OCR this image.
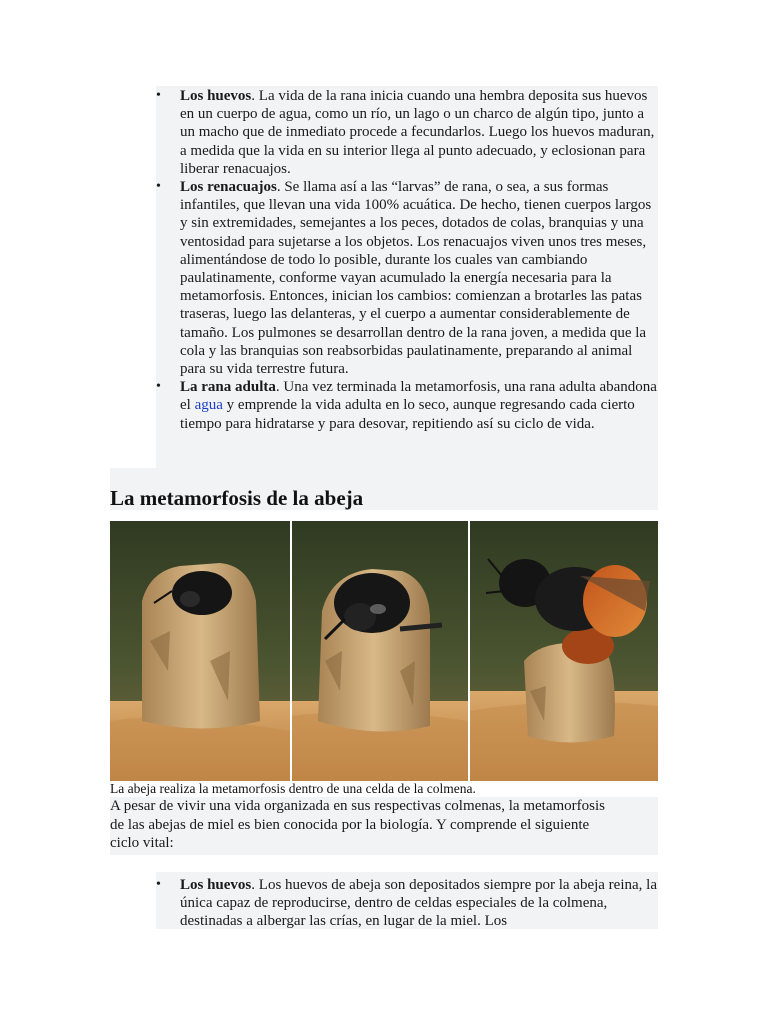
• Los huevos. La vida de la rana inicia cuando una hembra deposita sus huevos en un cuerpo de agua, como un río, un lago o un charco de algún tipo, junto a un macho que de inmediato procede a fecundarlos. Luego los huevos maduran, a medida que la vida en su interior llega al punto adecuado, y eclosionan para liberar renacuajos.
• Los renacuajos. Se llama así a las “larvas” de rana, o sea, a sus formas infantiles, que llevan una vida 100% acuática. De hecho, tienen cuerpos largos y sin extremidades, semejantes a los peces, dotados de colas, branquias y una ventosidad para sujetarse a los objetos. Los renacuajos viven unos tres meses, alimentándose de todo lo posible, durante los cuales van cambiando paulatinamente, conforme vayan acumulado la energía necesaria para la metamorfosis. Entonces, inician los cambios: comienzan a brotarles las patas traseras, luego las delanteras, y el cuerpo a aumentar considerablemente de tamaño. Los pulmones se desarrollan dentro de la rana joven, a medida que la cola y las branquias son reabsorbidas paulatinamente, preparando al animal para su vida terrestre futura.
• La rana adulta. Una vez terminada la metamorfosis, una rana adulta abandona el agua y emprende la vida adulta en lo seco, aunque regresando cada cierto tiempo para hidratarse y para desovar, repitiendo así su ciclo de vida.
La metamorfosis de la abeja
La abeja realiza la metamorfosis dentro de una celda de la colmena.

A pesar de vivir una vida organizada en sus respectivas colmenas, la metamorfosis de las abejas de miel es bien conocida por la biología. Y comprende el siguiente ciclo vital:

• Los huevos. Los huevos de abeja son depositados siempre por la abeja reina, la única capaz de reproducirse, dentro de celdas especiales de la colmena, destinadas a albergar las crías, en lugar de la miel. Los
